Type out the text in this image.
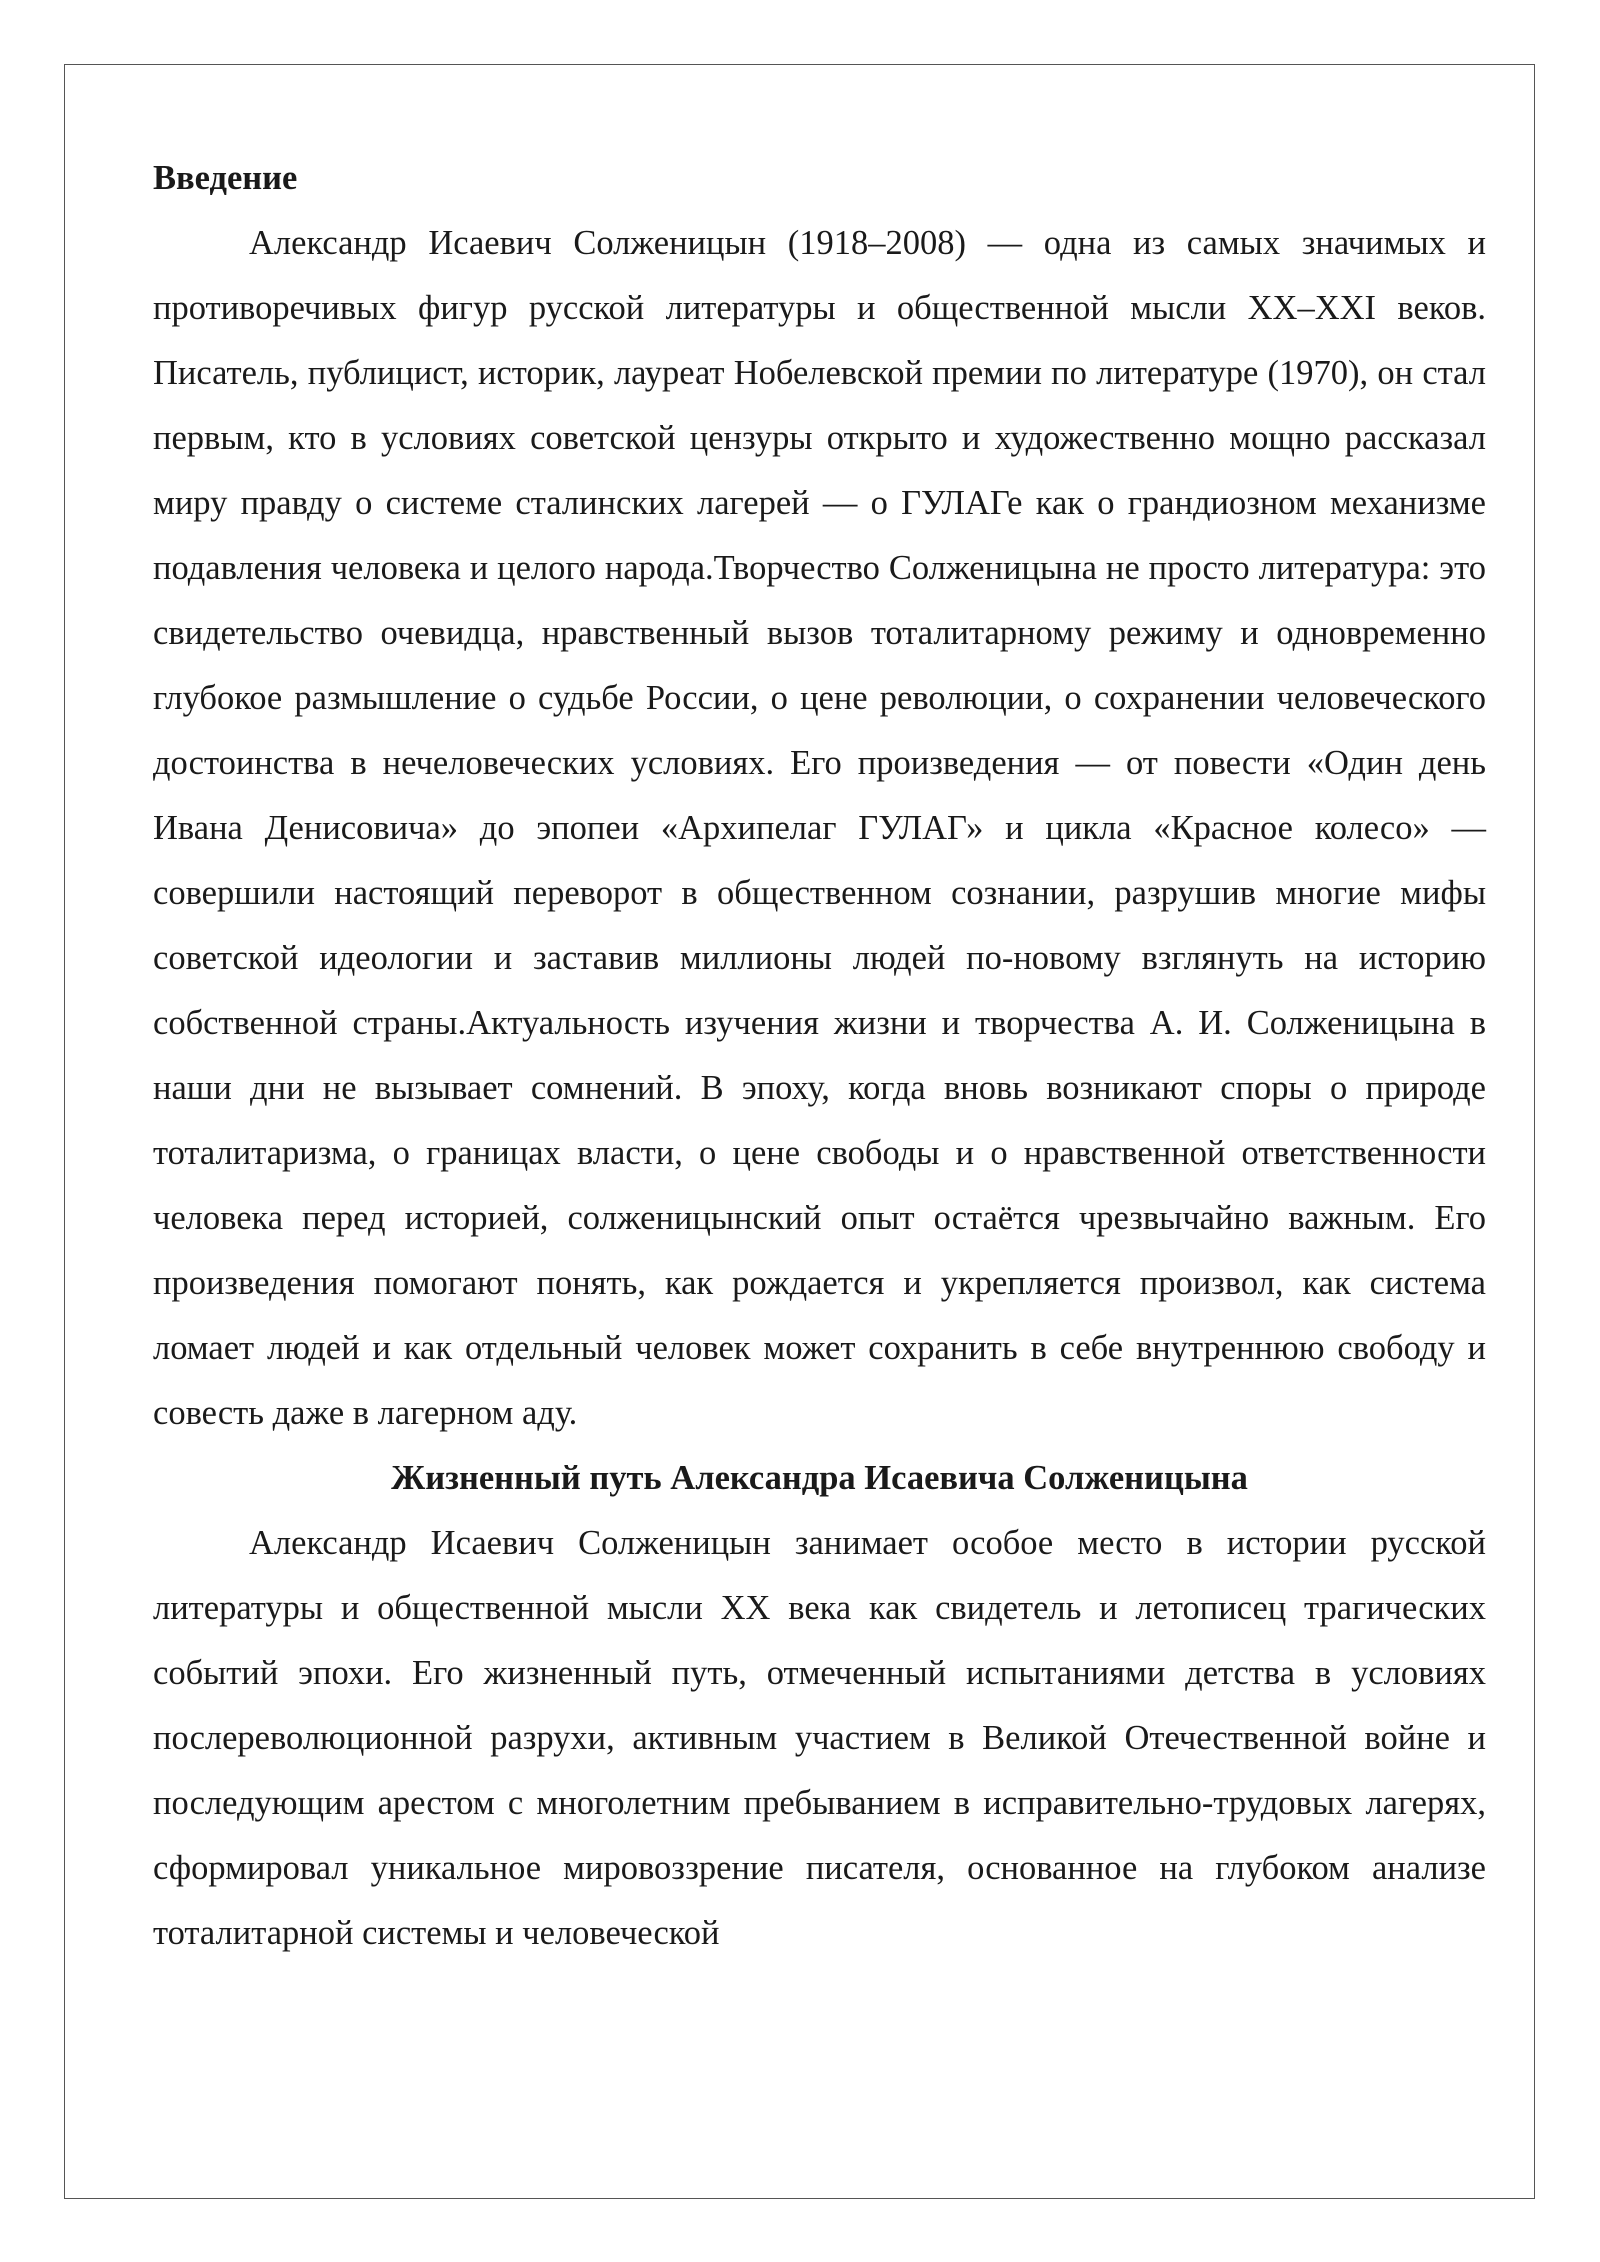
Введение

Александр Исаевич Солженицын (1918–2008) — одна из самых значимых и противоречивых фигур русской литературы и общественной мысли XX–XXI веков. Писатель, публицист, историк, лауреат Нобелевской премии по литературе (1970), он стал первым, кто в условиях советской цензуры открыто и художественно мощно рассказал миру правду о системе сталинских лагерей — о ГУЛАГе как о грандиозном механизме подавления человека и целого народа.Творчество Солженицына не просто литература: это свидетельство очевидца, нравственный вызов тоталитарному режиму и одновременно глубокое размышление о судьбе России, о цене революции, о сохранении человеческого достоинства в нечеловеческих условиях. Его произведения — от повести «Один день Ивана Денисовича» до эпопеи «Архипелаг ГУЛАГ» и цикла «Красное колесо» — совершили настоящий переворот в общественном сознании, разрушив многие мифы советской идеологии и заставив миллионы людей по-новому взглянуть на историю собственной страны.Актуальность изучения жизни и творчества А. И. Солженицына в наши дни не вызывает сомнений. В эпоху, когда вновь возникают споры о природе тоталитаризма, о границах власти, о цене свободы и о нравственной ответственности человека перед историей, солженицынский опыт остаётся чрезвычайно важным. Его произведения помогают понять, как рождается и укрепляется произвол, как система ломает людей и как отдельный человек может сохранить в себе внутреннюю свободу и совесть даже в лагерном аду.

Жизненный путь Александра Исаевича Солженицына

Александр Исаевич Солженицын занимает особое место в истории русской литературы и общественной мысли XX века как свидетель и летописец трагических событий эпохи. Его жизненный путь, отмеченный испытаниями детства в условиях послереволюционной разрухи, активным участием в Великой Отечественной войне и последующим арестом с многолетним пребыванием в исправительно-трудовых лагерях, сформировал уникальное мировоззрение писателя, основанное на глубоком анализе тоталитарной системы и человеческой
